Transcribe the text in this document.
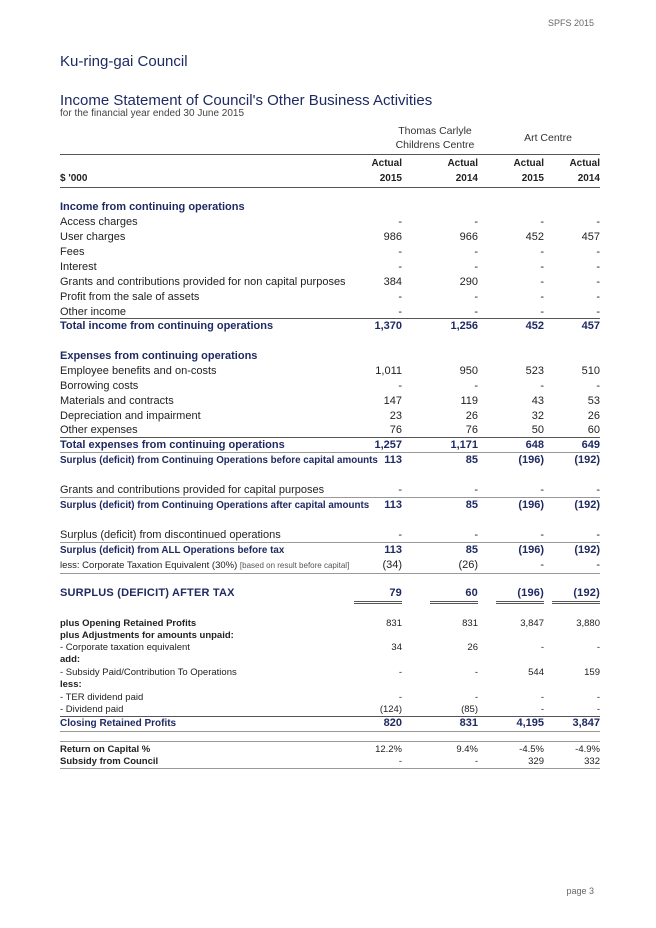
SPFS 2015
Ku-ring-gai Council
Income Statement of Council's Other Business Activities
for the financial year ended 30 June 2015
Thomas Carlyle
Childrens Centre
Art Centre
Actual	Actual	Actual	Actual
$ '000	2015	2014	2015	2014
Income from continuing operations
Access charges	-	-	-	-
User charges	986	966	452	457
Fees	-	-	-	-
Interest	-	-	-	-
Grants and contributions provided for non capital purposes	384	290	-	-
Profit from the sale of assets	-	-	-	-
Other income	-	-	-	-
Total income from continuing operations	1,370	1,256	452	457
Expenses from continuing operations
Employee benefits and on-costs	1,011	950	523	510
Borrowing costs	-	-	-	-
Materials and contracts	147	119	43	53
Depreciation and impairment	23	26	32	26
Other expenses	76	76	50	60
Total expenses from continuing operations	1,257	1,171	648	649
Surplus (deficit) from Continuing Operations before capital amounts 113	85	(196)	(192)
Grants and contributions provided for capital purposes	-	-	-	-
Surplus (deficit) from Continuing Operations after capital amounts	113	85	(196)	(192)
Surplus (deficit) from discontinued operations	-	-	-	-
Surplus (deficit) from ALL Operations before tax	113	85	(196)	(192)
less: Corporate Taxation Equivalent (30%) [based on result before capital]	(34)	(26)	-	-
SURPLUS (DEFICIT) AFTER TAX	79	60	(196)	(192)
plus Opening Retained Profits	831	831	3,847	3,880
plus Adjustments for amounts unpaid:
- Corporate taxation equivalent	34	26	-	-
add:
- Subsidy Paid/Contribution To Operations	-	-	544	159
less:
- TER dividend paid	-	-	-	-
- Dividend paid	(124)	(85)	-	-
Closing Retained Profits	820	831	4,195	3,847
Return on Capital %	12.2%	9.4%	-4.5%	-4.9%
Subsidy from Council	-	-	329	332
page 3
